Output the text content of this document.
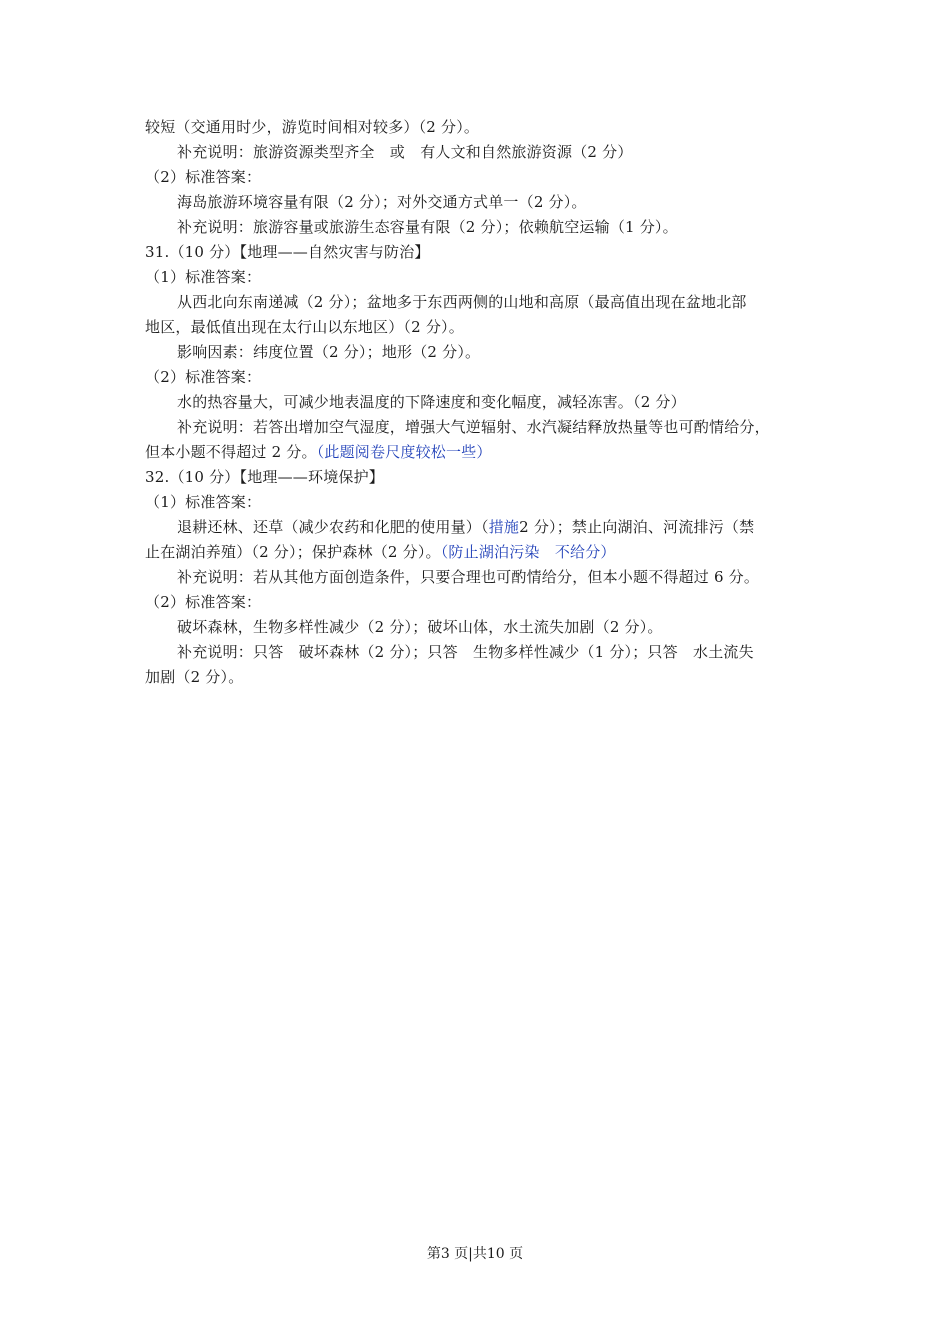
较短（交通用时少，游览时间相对较多）（2 分）。
补充说明：旅游资源类型齐全　或　有人文和自然旅游资源（2 分）
（2）标准答案：
海岛旅游环境容量有限（2 分）；对外交通方式单一（2 分）。
补充说明：旅游容量或旅游生态容量有限（2 分）；依赖航空运输（1 分）。
31.（10 分）【地理——自然灾害与防治】
（1）标准答案：
从西北向东南递减（2 分）；盆地多于东西两侧的山地和高原（最高值出现在盆地北部
地区，最低值出现在太行山以东地区）（2 分）。
影响因素：纬度位置（2 分）；地形（2 分）。
（2）标准答案：
水的热容量大，可减少地表温度的下降速度和变化幅度，减轻冻害。（2 分）
补充说明：若答出增加空气湿度，增强大气逆辐射、水汽凝结释放热量等也可酌情给分，
但本小题不得超过 2 分。（此题阅卷尺度较松一些）
32.（10 分）【地理——环境保护】
（1）标准答案：
退耕还林、还草（减少农药和化肥的使用量）（措施2 分）；禁止向湖泊、河流排污（禁
止在湖泊养殖）（2 分）；保护森林（2 分）。（防止湖泊污染　不给分）
补充说明：若从其他方面创造条件，只要合理也可酌情给分，但本小题不得超过 6 分。
（2）标准答案：
破坏森林，生物多样性减少（2 分）；破坏山体，水土流失加剧（2 分）。
补充说明：只答　破坏森林（2 分）；只答　生物多样性减少（1 分）；只答　水土流失
加剧（2 分）。
第3 页|共10 页
